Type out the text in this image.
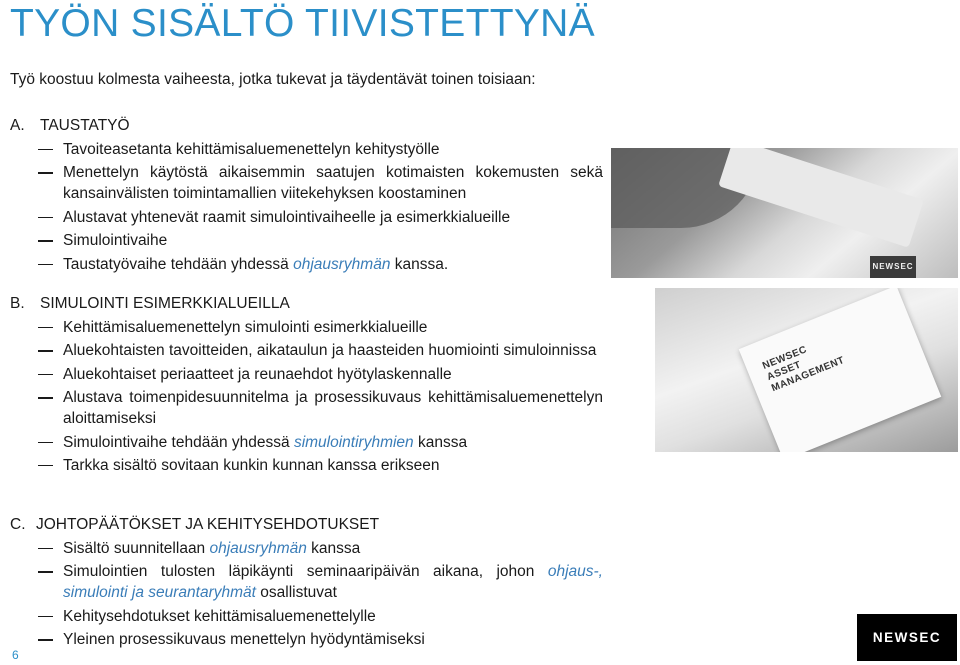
TYÖN SISÄLTÖ TIIVISTETTYNÄ
Työ koostuu kolmesta vaiheesta, jotka tukevat ja täydentävät toinen toisiaan:
A. TAUSTATYÖ
Tavoiteasetanta kehittämisaluemenettelyn kehitystyölle
Menettelyn käytöstä aikaisemmin saatujen kotimaisten kokemusten sekä kansainvälisten toimintamallien viitekehyksen koostaminen
Alustavat yhtenevät raamit simulointivaiheelle ja esimerkkialueille
Simulointivaihe
Taustatyövaihe tehdään yhdessä ohjausryhmän kanssa.
B. SIMULOINTI ESIMERKKIALUEILLA
Kehittämisaluemenettelyn simulointi esimerkkialueille
Aluekohtaisten tavoitteiden, aikataulun ja haasteiden huomiointi simuloinnissa
Aluekohtaiset periaatteet ja reunaehdot hyötylaskennalle
Alustava toimenpidesuunnitelma ja prosessikuvaus kehittämisaluemenettelyn aloittamiseksi
Simulointivaihe tehdään yhdessä simulointiryhmien kanssa
Tarkka sisältö sovitaan kunkin kunnan kanssa erikseen
C. JOHTOPÄÄTÖKSET JA KEHITYSEHDOTUKSET
Sisältö suunnitellaan ohjausryhmän kanssa
Simulointien tulosten läpikäynti seminaaripäivän aikana, johon ohjaus-, simulointi ja seurantaryhmät osallistuvat
Kehitysehdotukset kehittämisaluemenettelylle
Yleinen prosessikuvaus menettelyn hyödyntämiseksi
NEWSEC
NEWSEC
ASSET
MANAGEMENT
6
NEWSEC
